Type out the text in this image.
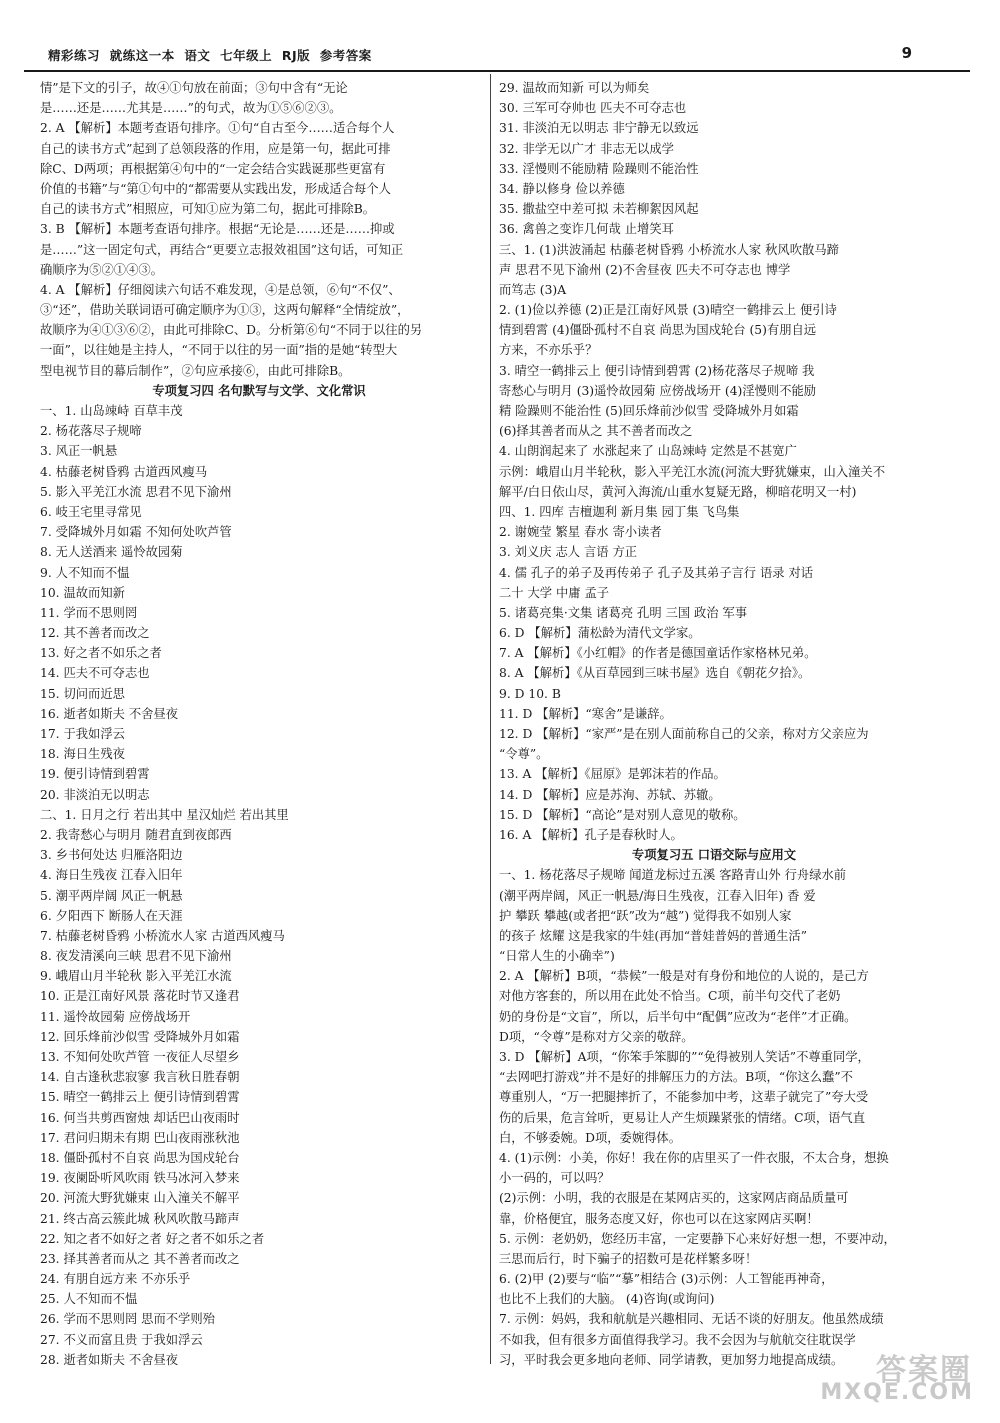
精彩练习  就练这一本  语文  七年级上  RJ版  参考答案	9
情”是下文的引子，故④①句放在前面；③句中含有“无论
是……还是……尤其是……”的句式，故为①⑤⑥②③。
2. A 【解析】本题考查语句排序。①句“自古至今……适合每个人
自己的读书方式”起到了总领段落的作用，应是第一句，据此可排
除C、D两项；再根据第④句中的“一定会结合实践诞那些更富有
价值的书籍”与“第①句中的“都需要从实践出发，形成适合每个人
自己的读书方式”相照应，可知①应为第二句，据此可排除B。
3. B 【解析】本题考查语句排序。根据“无论是……还是……抑或
是……”这一固定句式，再结合“更要立志报效祖国”这句话，可知正
确顺序为⑤②①④③。
4. A 【解析】仔细阅读六句话不难发现，④是总领，⑥句“不仅”、
③“还”，借助关联词语可确定顺序为①③，这两句解释“全情绽放”，
故顺序为④①③⑥②，由此可排除C、D。分析第⑥句“不同于以往的另
一面”，以往她是主持人，“不同于以往的另一面”指的是她“转型大
型电视节目的幕后制作”，②句应承接⑥，由此可排除B。
专项复习四 名句默写与文学、文化常识
一、1. 山岛竦峙 百草丰茂
2. 杨花落尽子规啼
3. 风正一帆悬
4. 枯藤老树昏鸦 古道西风瘦马
5. 影入平羌江水流 思君不见下渝州
6. 岐王宅里寻常见
7. 受降城外月如霜 不知何处吹芦管
8. 无人送酒来 遥怜故园菊
9. 人不知而不愠
10. 温故而知新
11. 学而不思则罔
12. 其不善者而改之
13. 好之者不如乐之者
14. 匹夫不可夺志也
15. 切问而近思
16. 逝者如斯夫 不舍昼夜
17. 于我如浮云
18. 海日生残夜
19. 便引诗情到碧霄
20. 非淡泊无以明志
二、1. 日月之行 若出其中 星汉灿烂 若出其里
2. 我寄愁心与明月 随君直到夜郎西
3. 乡书何处达 归雁洛阳边
4. 海日生残夜 江春入旧年
5. 潮平两岸阔 风正一帆悬
6. 夕阳西下 断肠人在天涯
7. 枯藤老树昏鸦 小桥流水人家 古道西风瘦马
8. 夜发清溪向三峡 思君不见下渝州
9. 峨眉山月半轮秋 影入平羌江水流
10. 正是江南好风景 落花时节又逢君
11. 遥怜故园菊 应傍战场开
12. 回乐烽前沙似雪 受降城外月如霜
13. 不知何处吹芦管 一夜征人尽望乡
14. 自古逢秋悲寂寥 我言秋日胜春朝
15. 晴空一鹤排云上 便引诗情到碧霄
16. 何当共剪西窗烛 却话巴山夜雨时
17. 君问归期未有期 巴山夜雨涨秋池
18. 僵卧孤村不自哀 尚思为国戍轮台
19. 夜阑卧听风吹雨 铁马冰河入梦来
20. 河流大野犹嫌束 山入潼关不解平
21. 终古高云簇此城 秋风吹散马蹄声
22. 知之者不如好之者 好之者不如乐之者
23. 择其善者而从之 其不善者而改之
24. 有朋自远方来 不亦乐乎
25. 人不知而不愠
26. 学而不思则罔 思而不学则殆
27. 不义而富且贵 于我如浮云
28. 逝者如斯夫 不舍昼夜
29. 温故而知新 可以为师矣
30. 三军可夺帅也 匹夫不可夺志也
31. 非淡泊无以明志 非宁静无以致远
32. 非学无以广才 非志无以成学
33. 淫慢则不能励精 险躁则不能治性
34. 静以修身 俭以养德
35. 撒盐空中差可拟 未若柳絮因风起
36. 禽兽之变诈几何哉 止增笑耳
三、1. (1)洪波涌起 枯藤老树昏鸦 小桥流水人家 秋风吹散马蹄
声 思君不见下渝州 (2)不舍昼夜 匹夫不可夺志也 博学
而笃志 (3)A
2. (1)俭以养德 (2)正是江南好风景 (3)晴空一鹤排云上 便引诗
情到碧霄 (4)僵卧孤村不自哀 尚思为国戍轮台 (5)有朋自远
方来，不亦乐乎？
3. 晴空一鹤排云上 便引诗情到碧霄 (2)杨花落尽子规啼 我
寄愁心与明月 (3)遥怜故园菊 应傍战场开 (4)淫慢则不能励
精 险躁则不能治性 (5)回乐烽前沙似雪 受降城外月如霜
(6)择其善者而从之 其不善者而改之
4. 山朗润起来了 水涨起来了 山岛竦峙 定然是不甚宽广
示例：峨眉山月半轮秋，影入平羌江水流(河流大野犹嫌束，山入潼关不
解平/白日依山尽，黄河入海流/山重水复疑无路，柳暗花明又一村)
四、1. 四库 吉檀迦利 新月集 园丁集 飞鸟集
2. 谢婉莹 繁星 春水 寄小读者
3. 刘义庆 志人 言语 方正
4. 儒 孔子的弟子及再传弟子 孔子及其弟子言行 语录 对话
二十 大学 中庸 孟子
5. 诸葛亮集·文集 诸葛亮 孔明 三国 政治 军事
6. D 【解析】蒲松龄为清代文学家。
7. A 【解析】《小红帽》的作者是德国童话作家格林兄弟。
8. A 【解析】《从百草园到三味书屋》选自《朝花夕拾》。
9. D 10. B
11. D 【解析】“寒舍”是谦辞。
12. D 【解析】“家严”是在别人面前称自己的父亲，称对方父亲应为
“令尊”。
13. A 【解析】《屈原》是郭沫若的作品。
14. D 【解析】应是苏洵、苏轼、苏辙。
15. D 【解析】“高论”是对别人意见的敬称。
16. A 【解析】孔子是春秋时人。
专项复习五 口语交际与应用文
一、1. 杨花落尽子规啼 闻道龙标过五溪 客路青山外 行舟绿水前
(潮平两岸阔，风正一帆悬/海日生残夜，江春入旧年) 香 爱
护 攀跃 攀越(或者把“跃”改为“越”) 觉得我不如别人家
的孩子 炫耀 这是我家的牛娃(再加“普娃普妈的普通生活”
“日常人生的小确幸”)
2. A 【解析】B项，“恭候”一般是对有身份和地位的人说的，是己方
对他方客套的，所以用在此处不恰当。C项，前半句交代了老奶
奶的身份是“文盲”，所以，后半句中“配偶”应改为“老伴”才正确。
D项，“令尊”是称对方父亲的敬辞。
3. D 【解析】A项，“你笨手笨脚的”“免得被别人笑话”不尊重同学，
“去网吧打游戏”并不是好的排解压力的方法。B项，“你这么蠢”不
尊重别人，“万一把腿摔折了，不能参加中考，这辈子就完了”夸大受
伤的后果，危言耸听，更易让人产生烦躁紧张的情绪。C项，语气直
白，不够委婉。D项，委婉得体。
4. (1)示例：小美，你好！我在你的店里买了一件衣服，不太合身，想换
小一码的，可以吗？
(2)示例：小明，我的衣服是在某网店买的，这家网店商品质量可
靠，价格便宜，服务态度又好，你也可以在这家网店买啊！
5. 示例：老奶奶，您经历丰富，一定要静下心来好好想一想，不要冲动，
三思而后行，时下骗子的招数可是花样繁多呀！
6. (2)甲 (2)要与“临”“摹”相结合 (3)示例：人工智能再神奇，
也比不上我们的大脑。 (4)咨询(或询问)
7. 示例：妈妈，我和航航是兴趣相同、无话不谈的好朋友。他虽然成绩
不如我，但有很多方面值得我学习。我不会因为与航航交往耽误学
习，平时我会更多地向老师、同学请教，更加努力地提高成绩。	答案圈
MXQE.COM
